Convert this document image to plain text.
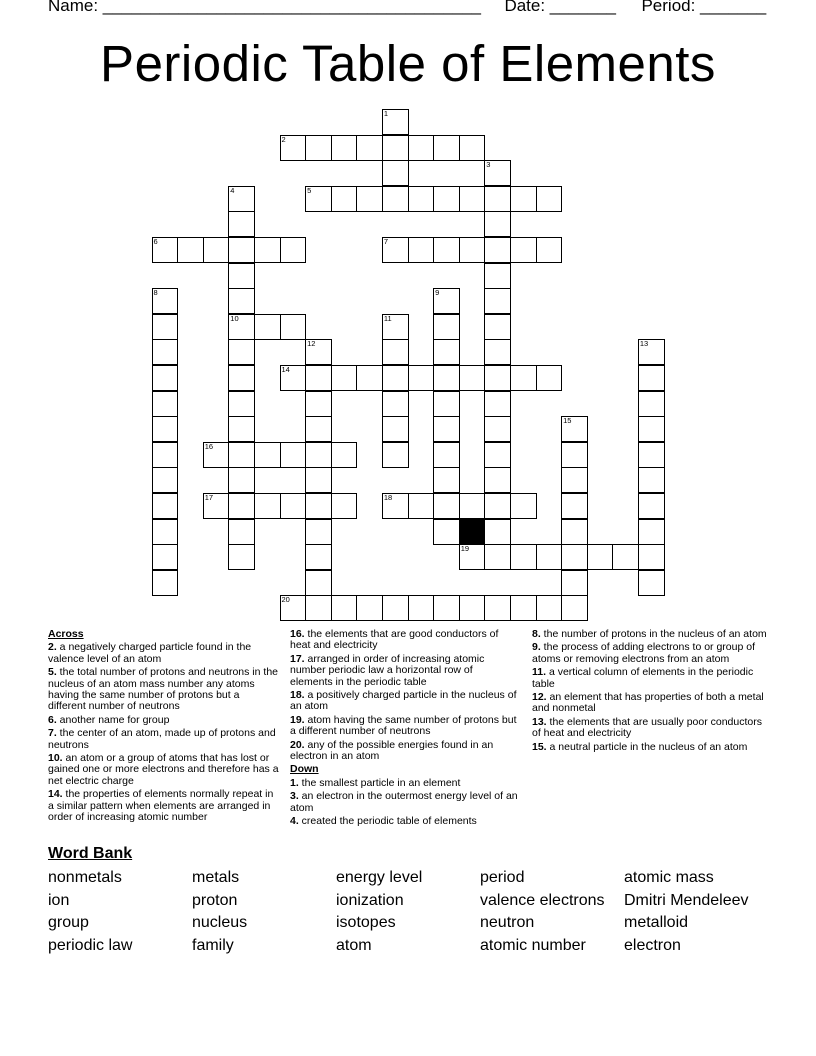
Name: ________________________________________ Date: _______ Period: _______
Periodic Table of Elements
1
2
3
4
10
5
6	7
8	9
11
12	13
14
15
16
17	18
19
20
Across
2. a negatively charged particle found in the valence level of an atom
5. the total number of protons and neutrons in the nucleus of an atom mass number any atoms having the same number of protons but a different number of neutrons
6. another name for group
7. the center of an atom, made up of protons and neutrons
10. an atom or a group of atoms that has lost or gained one or more electrons and therefore has a net electric charge
14. the properties of elements normally repeat in a similar pattern when elements are arranged in order of increasing atomic number
16. the elements that are good conductors of heat and electricity
17. arranged in order of increasing atomic number periodic law a horizontal row of elements in the periodic table
18. a positively charged particle in the nucleus of an atom
19. atom having the same number of protons but a different number of neutrons
20. any of the possible energies found in an electron in an atom
Down
1. the smallest particle in an element
3. an electron in the outermost energy level of an atom
4. created the periodic table of elements
8. the number of protons in the nucleus of an atom
9. the process of adding electrons to or group of atoms or removing electrons from an atom
11. a vertical column of elements in the periodic table
12. an element that has properties of both a metal and nonmetal
13. the elements that are usually poor conductors of heat and electricity
15. a neutral particle in the nucleus of an atom
Word Bank
nonmetals	metals	energy level	period	atomic mass
ion	proton	ionization	valence electrons	Dmitri Mendeleev
group	nucleus	isotopes	neutron	metalloid
periodic law	family	atom	atomic number	electron
